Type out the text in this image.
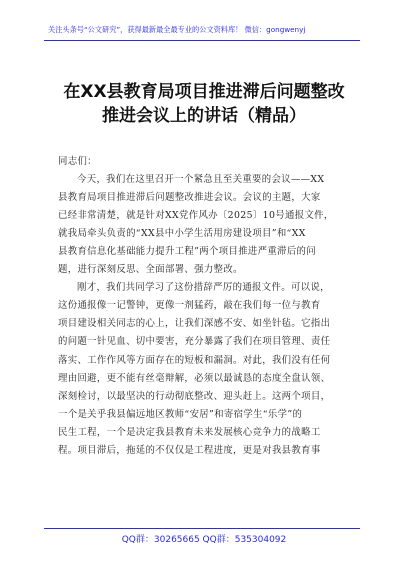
关注头条号“公文研究”，获得最新最全最专业的公文资料库！ 微信：gongwenyj
在XX县教育局项目推进滞后问题整改
推进会议上的讲话（精品）
同志们：
今天，我们在这里召开一个紧急且至关重要的会议——XX
县教育局项目推进滞后问题整改推进会议。会议的主题，大家
已经非常清楚，就是针对XX党作风办〔2025〕10号通报文件，
就我局牵头负责的“XX县中小学生活用房建设项目”和“XX
县教育信息化基础能力提升工程”两个项目推进严重滞后的问
题，进行深刻反思、全面部署、强力整改。
刚才，我们共同学习了这份措辞严厉的通报文件。可以说，
这份通报像一记警钟，更像一剂猛药，敲在我们每一位与教育
项目建设相关同志的心上，让我们深感不安、如坐针毡。它指出
的问题一针见血、切中要害，充分暴露了我们在项目管理、责任
落实、工作作风等方面存在的短板和漏洞。对此，我们没有任何
理由回避，更不能有丝毫辩解，必须以最诚恳的态度全盘认领、
深刻检讨，以最坚决的行动彻底整改、迎头赶上。这两个项目，
一个是关乎我县偏远地区教师“安居”和寄宿学生“乐学”的
民生工程，一个是决定我县教育未来发展核心竞争力的战略工
程。项目滞后，拖延的不仅仅是工程进度，更是对我县教育事
QQ群：30265665 QQ群：535304092
